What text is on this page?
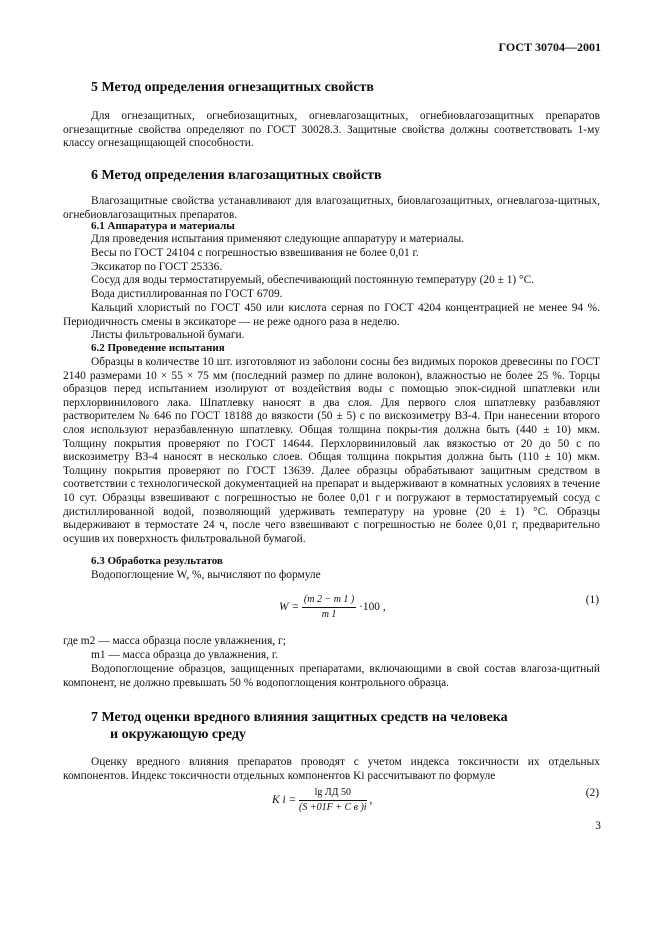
ГОСТ 30704—2001
5 Метод определения огнезащитных свойств
Для огнезащитных, огнебиозащитных, огневлагозащитных, огнебиовлагозащитных препаратов огнезащитные свойства определяют по ГОСТ 30028.3. Защитные свойства должны соответствовать 1-му классу огнезащищающей способности.
6 Метод определения влагозащитных свойств
Влагозащитные свойства устанавливают для влагозащитных, биовлагозащитных, огневлагоза-щитных, огнебиовлагозащитных препаратов.
6.1 Аппаратура и материалы
Для проведения испытания применяют следующие аппаратуру и материалы.
Весы по ГОСТ 24104 с погрешностью взвешивания не более 0,01 г.
Эксикатор по ГОСТ 25336.
Сосуд для воды термостатируемый, обеспечивающий постоянную температуру (20 ± 1) °С.
Вода дистиллированная по ГОСТ 6709.
Кальций хлористый по ГОСТ 450 или кислота серная по ГОСТ 4204 концентрацией не менее 94 %. Периодичность смены в эксикаторе — не реже одного раза в неделю.
Листы фильтровальной бумаги.
6.2 Проведение испытания
Образцы в количестве 10 шт. изготовляют из заболони сосны без видимых пороков древесины по ГОСТ 2140 размерами 10 × 55 × 75 мм (последний размер по длине волокон), влажностью не более 25 %. Торцы образцов перед испытанием изолируют от воздействия воды с помощью эпок-сидной шпатлевки или перхлорвинилового лака. Шпатлевку наносят в два слоя. Для первого слоя шпатлевку разбавляют растворителем № 646 по ГОСТ 18188 до вязкости (50 ± 5) с по вискозиметру ВЗ-4. При нанесении второго слоя используют неразбавленную шпатлевку. Общая толщина покры-тия должна быть (440 ± 10) мкм. Толщину покрытия проверяют по ГОСТ 14644. Перхлорвиниловый лак вязкостью от 20 до 50 с по вискозиметру ВЗ-4 наносят в несколько слоев. Общая толщина покрытия должна быть (110 ± 10) мкм. Толщину покрытия проверяют по ГОСТ 13639. Далее образцы обрабатывают защитным средством в соответствии с технологической документацией на препарат и выдерживают в комнатных условиях в течение 10 сут. Образцы взвешивают с погрешностью не более 0,01 г и погружают в термостатируемый сосуд с дистиллированной водой, позволяющий удерживать температуру на уровне (20 ± 1) °С. Образцы выдерживают в термостате 24 ч, после чего взвешивают с погрешностью не более 0,01 г, предварительно осушив их поверхность фильтровальной бумагой.
6.3 Обработка результатов
Водопоглощение W, %, вычисляют по формуле
$W = \frac{(m 2 - m 1 )}{m 1} \cdot 100$ ,
(1)
где m2 — масса образца после увлажнения, г;
m1 — масса образца до увлажнения, г.
Водопоглощение образцов, защищенных препаратами, включающими в свой состав влагоза-щитный компонент, не должно превышать 50 % водопоглощения контрольного образца.
7 Метод оценки вредного влияния защитных средств на человека
и окружающую среду
Оценку вредного влияния препаратов проводят с учетом индекса токсичности их отдельных компонентов. Индекс токсичности отдельных компонентов Ki рассчитывают по формуле
K $i = \frac{\text{lg ЛД 50}}{\text{(S +01F + C в )i}}$ ,
(2)
3
